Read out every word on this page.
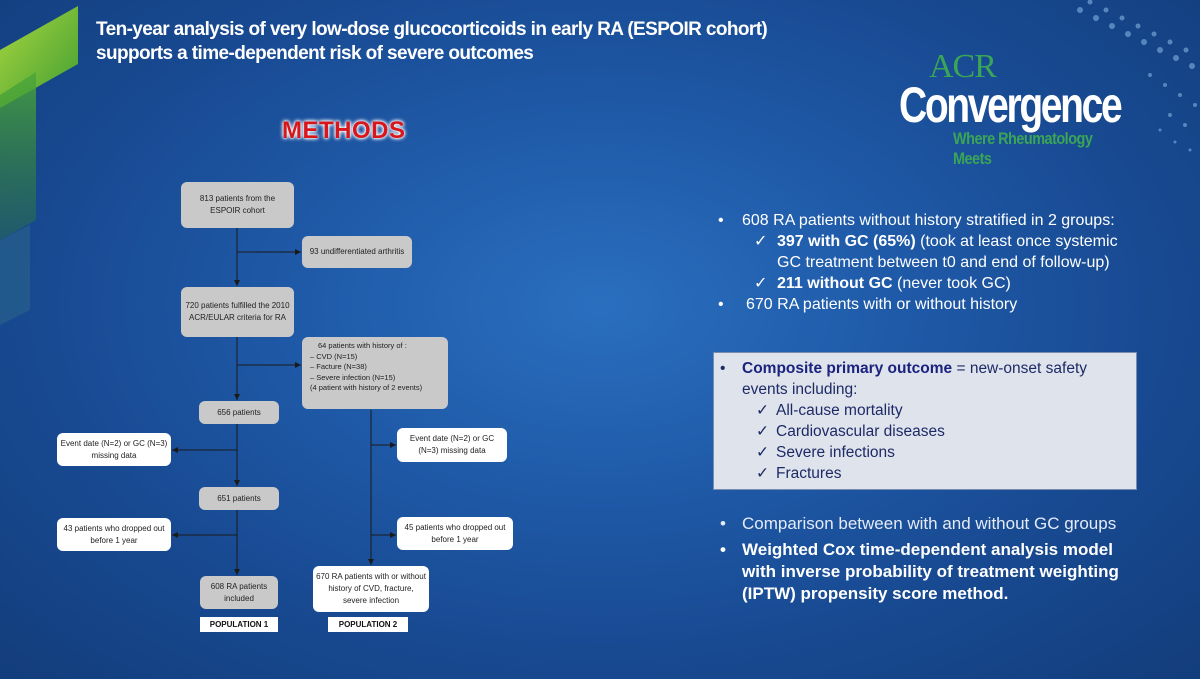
Ten-year analysis of very low-dose glucocorticoids in early RA (ESPOIR cohort) supports a time-dependent risk of severe outcomes
METHODS
ACR
Convergence
Where Rheumatology Meets
813 patients from the ESPOIR cohort
93 undifferentiated arthritis
720 patients fulfilled the 2010 ACR/EULAR criteria for RA
64 patients with history of :
– CVD (N=15)
– Facture (N=38)
– Severe infection (N=15)
(4 patient with history of 2 events)
656 patients
Event date (N=2) or GC (N=3) missing data
Event date (N=2) or GC (N=3) missing data
651 patients
43 patients who dropped out before 1 year
45 patients who dropped out before 1 year
608 RA patients included
670 RA patients with or without history of CVD, fracture, severe infection
POPULATION 1	POPULATION 2
• 608 RA patients without history stratified in 2 groups:
✓ 397 with GC (65%) (took at least once systemic GC treatment between t0 and end of follow-up)
✓ 211 without GC (never took GC)
• 670 RA patients with or without history
• Composite primary outcome = new-onset safety events including:
✓ All-cause mortality
✓ Cardiovascular diseases
✓ Severe infections
✓ Fractures
• Comparison between with and without GC groups
• Weighted Cox time-dependent analysis model with inverse probability of treatment weighting (IPTW) propensity score method.
